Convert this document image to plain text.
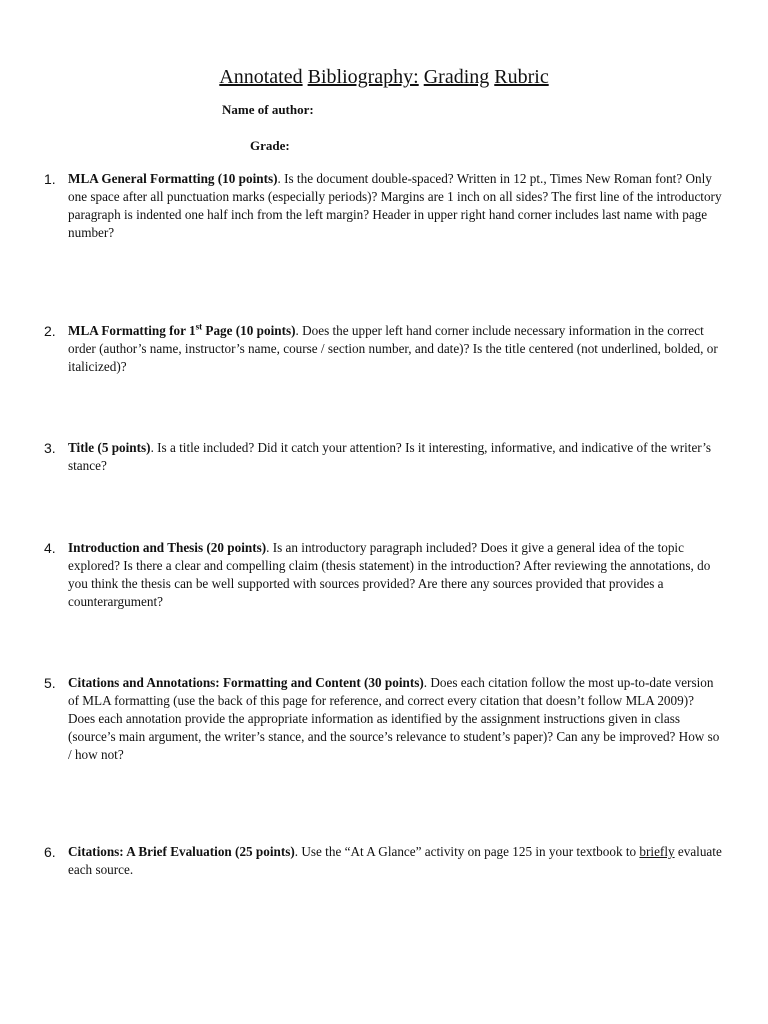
Annotated Bibliography: Grading Rubric
Name of author:
Grade:
1. MLA General Formatting (10 points). Is the document double-spaced? Written in 12 pt., Times New Roman font? Only one space after all punctuation marks (especially periods)? Margins are 1 inch on all sides? The first line of the introductory paragraph is indented one half inch from the left margin? Header in upper right hand corner includes last name with page number?
2. MLA Formatting for 1st Page (10 points). Does the upper left hand corner include necessary information in the correct order (author’s name, instructor’s name, course / section number, and date)? Is the title centered (not underlined, bolded, or italicized)?
3. Title (5 points). Is a title included? Did it catch your attention? Is it interesting, informative, and indicative of the writer’s stance?
4. Introduction and Thesis (20 points). Is an introductory paragraph included? Does it give a general idea of the topic explored? Is there a clear and compelling claim (thesis statement) in the introduction? After reviewing the annotations, do you think the thesis can be well supported with sources provided? Are there any sources provided that provides a counterargument?
5. Citations and Annotations: Formatting and Content (30 points). Does each citation follow the most up-to-date version of MLA formatting (use the back of this page for reference, and correct every citation that doesn’t follow MLA 2009)? Does each annotation provide the appropriate information as identified by the assignment instructions given in class (source’s main argument, the writer’s stance, and the source’s relevance to student’s paper)? Can any be improved? How so / how not?
6. Citations: A Brief Evaluation (25 points). Use the “At A Glance” activity on page 125 in your textbook to briefly evaluate each source.
